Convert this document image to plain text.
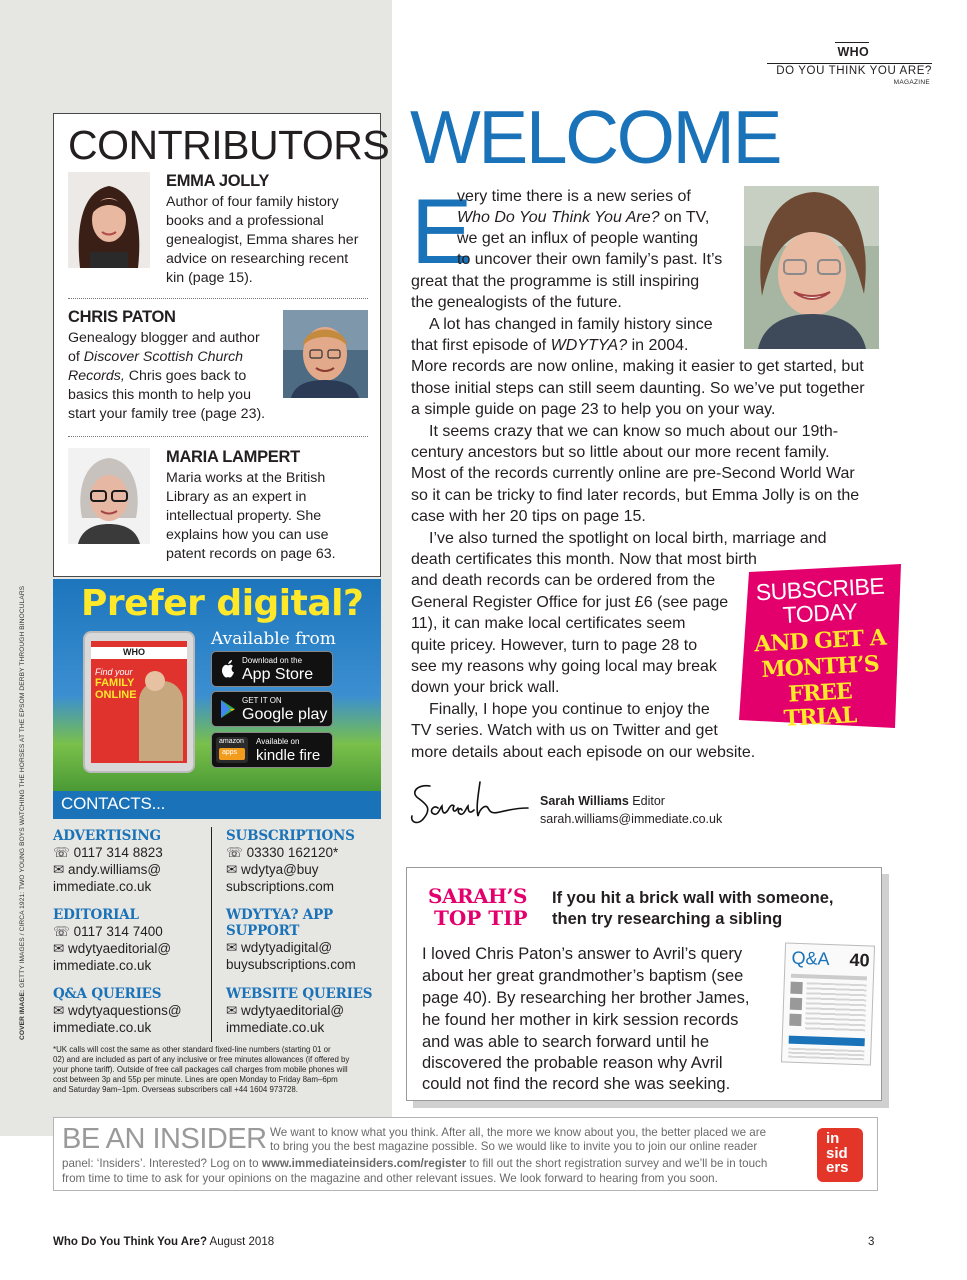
COVER IMAGE: GETTY IMAGES / CIRCA 1921: TWO YOUNG BOYS WATCHING THE HORSES AT THE EPSOM DERBY THROUGH BINOCULARS
CONTRIBUTORS
EMMA JOLLY
Author of four family history
books and a professional
genealogist, Emma shares her
advice on researching recent
kin (page 15).
CHRIS PATON
Genealogy blogger and author
of Discover Scottish Church
Records, Chris goes back to
basics this month to help you
start your family tree (page 23).
MARIA LAMPERT
Maria works at the British
Library as an expert in
intellectual property. She
explains how you can use
patent records on page 63.
Prefer digital?
Available from
WHO
Find your
FAMILY
ONLINE
Download on the
App Store
GET IT ON
Google play
amazon
apps
Available on
kindle fire
CONTACTS...
ADVERTISING
☏ 0117 314 8823
✉ andy.williams@
immediate.co.uk
SUBSCRIPTIONS
☏ 03330 162120*
✉ wdytya@buy
subscriptions.com
EDITORIAL
☏ 0117 314 7400
✉ wdytyaeditorial@
immediate.co.uk
WDYTYA? APP
SUPPORT
✉ wdytyadigital@
buysubscriptions.com
Q&A QUERIES
✉ wdytyaquestions@
immediate.co.uk
WEBSITE QUERIES
✉ wdytyaeditorial@
immediate.co.uk
*UK calls will cost the same as other standard fixed-line numbers (starting 01 or
02) and are included as part of any inclusive or free minutes allowances (if offered by
your phone tariff). Outside of free call packages call charges from mobile phones will
cost between 3p and 55p per minute. Lines are open Monday to Friday 8am–6pm
and Saturday 9am–1pm. Overseas subscribers call +44 1604 973728.
WHO
DO YOU THINK YOU ARE?
MAGAZINE
WELCOME
E
very time there is a new series of
Who Do You Think You Are? on TV,
we get an influx of people wanting
to uncover their own family’s past. It’s
great that the programme is still inspiring
the genealogists of the future.
A lot has changed in family history since
that first episode of WDYTYA? in 2004.
More records are now online, making it easier to get started, but
those initial steps can still seem daunting. So we’ve put together
a simple guide on page 23 to help you on your way.
It seems crazy that we can know so much about our 19th-
century ancestors but so little about our more recent family.
Most of the records currently online are pre-Second World War
so it can be tricky to find later records, but Emma Jolly is on the
case with her 20 tips on page 15.
I’ve also turned the spotlight on local birth, marriage and
death certificates this month. Now that most birth
and death records can be ordered from the
General Register Office for just £6 (see page
11), it can make local certificates seem
quite pricey. However, turn to page 28 to
see my reasons why going local may break
down your brick wall.
Finally, I hope you continue to enjoy the
TV series. Watch with us on Twitter and get
more details about each episode on our website.
SUBSCRIBE
TODAY
AND GET A
MONTH’S
FREE
TRIAL
Sarah Williams Editor
sarah.williams@immediate.co.uk
SARAH’S
TOP TIP
If you hit a brick wall with someone,
then try researching a sibling
I loved Chris Paton’s answer to Avril’s query
about her great grandmother’s baptism (see
page 40). By researching her brother James,
he found her mother in kirk session records
and was able to search forward until he
discovered the probable reason why Avril
could not find the record she was seeking.
Q&A 40
BE AN INSIDER We want to know what you think. After all, the more we know about you, the better placed we are
to bring you the best magazine possible. So we would like to invite you to join our online reader
panel: ‘Insiders’. Interested? Log on to www.immediateinsiders.com/register to fill out the short registration survey and we’ll be in touch
from time to time to ask for your opinions on the magazine and other relevant issues. We look forward to hearing from you soon.
in
sid
ers
Who Do You Think You Are? August 2018	3
